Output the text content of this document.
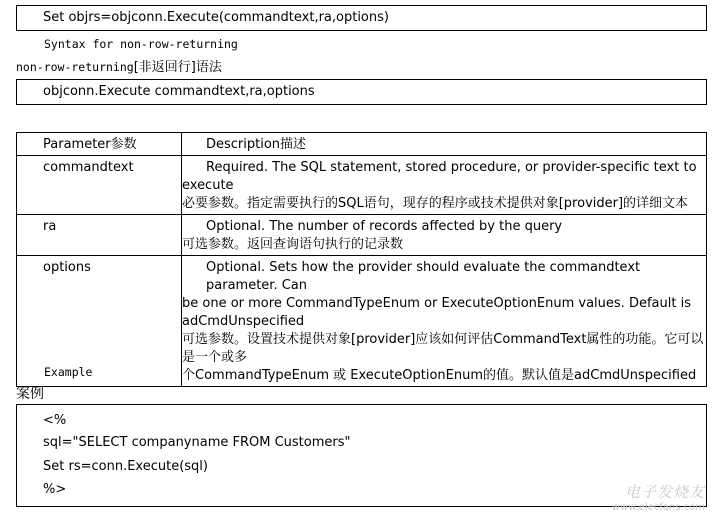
Set objrs=objconn.Execute(commandtext,ra,options)
Syntax for non-row-returning
non-row-returning[非返回行]语法
objconn.Execute commandtext,ra,options
Parameter参数	Description描述

commandtext	Required. The SQL statement, stored procedure, or provider-specific text to
execute
必要参数。指定需要执行的SQL语句，现存的程序或技术提供对象[provider]的详细文本

ra	Optional. The number of records affected by the query
可选参数。返回查询语句执行的记录数

options	Optional. Sets how the provider should evaluate the commandtext parameter. Can
be one or more CommandTypeEnum or ExecuteOptionEnum values. Default is
adCmdUnspecified
可选参数。设置技术提供对象[provider]应该如何评估CommandText属性的功能。它可以是一个或多
个CommandTypeEnum 或 ExecuteOptionEnum的值。默认值是adCmdUnspecified
Example
案例
<%
sql="SELECT companyname FROM Customers"
Set rs=conn.Execute(sql)
%>	电子发烧友
www.elecfans.com
